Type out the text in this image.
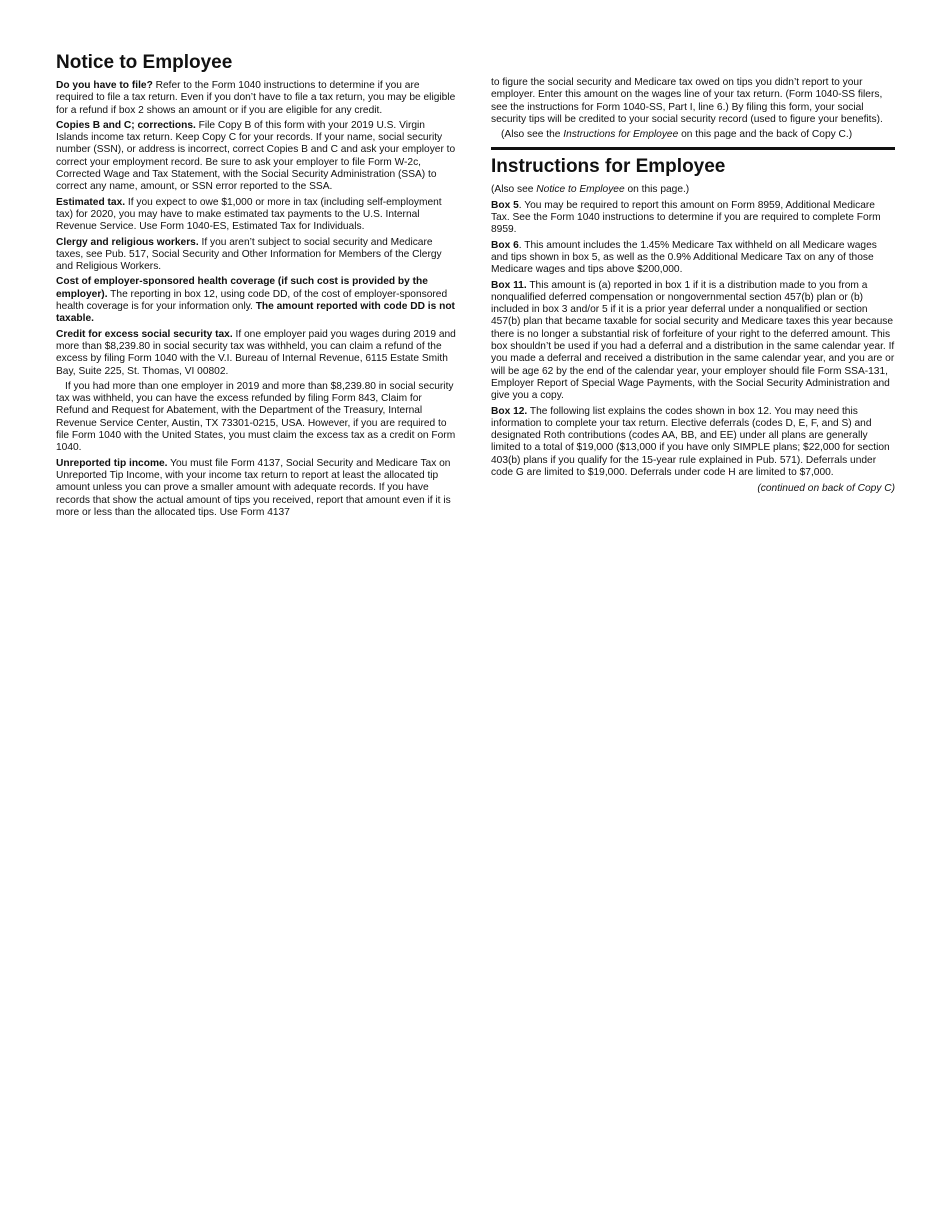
Notice to Employee

Do you have to file? Refer to the Form 1040 instructions to determine if you are required to file a tax return. Even if you don’t have to file a tax return, you may be eligible for a refund if box 2 shows an amount or if you are eligible for any credit.

Copies B and C; corrections. File Copy B of this form with your 2019 U.S. Virgin Islands income tax return. Keep Copy C for your records. If your name, social security number (SSN), or address is incorrect, correct Copies B and C and ask your employer to correct your employment record. Be sure to ask your employer to file Form W-2c, Corrected Wage and Tax Statement, with the Social Security Administration (SSA) to correct any name, amount, or SSN error reported to the SSA.

Estimated tax. If you expect to owe $1,000 or more in tax (including self-employment tax) for 2020, you may have to make estimated tax payments to the U.S. Internal Revenue Service. Use Form 1040-ES, Estimated Tax for Individuals.

Clergy and religious workers. If you aren’t subject to social security and Medicare taxes, see Pub. 517, Social Security and Other Information for Members of the Clergy and Religious Workers.

Cost of employer-sponsored health coverage (if such cost is provided by the employer). The reporting in box 12, using code DD, of the cost of employer-sponsored health coverage is for your information only. The amount reported with code DD is not taxable.

Credit for excess social security tax. If one employer paid you wages during 2019 and more than $8,239.80 in social security tax was withheld, you can claim a refund of the excess by filing Form 1040 with the V.I. Bureau of Internal Revenue, 6115 Estate Smith Bay, Suite 225, St. Thomas, VI 00802.

If you had more than one employer in 2019 and more than $8,239.80 in social security tax was withheld, you can have the excess refunded by filing Form 843, Claim for Refund and Request for Abatement, with the Department of the Treasury, Internal Revenue Service Center, Austin, TX 73301-0215, USA. However, if you are required to file Form 1040 with the United States, you must claim the excess tax as a credit on Form 1040.

Unreported tip income. You must file Form 4137, Social Security and Medicare Tax on Unreported Tip Income, with your income tax return to report at least the allocated tip amount unless you can prove a smaller amount with adequate records. If you have records that show the actual amount of tips you received, report that amount even if it is more or less than the allocated tips. Use Form 4137

to figure the social security and Medicare tax owed on tips you didn’t report to your employer. Enter this amount on the wages line of your tax return. (Form 1040-SS filers, see the instructions for Form 1040-SS, Part I, line 6.) By filing this form, your social security tips will be credited to your social security record (used to figure your benefits).

(Also see the Instructions for Employee on this page and the back of Copy C.)

Instructions for Employee

(Also see Notice to Employee on this page.)

Box 5. You may be required to report this amount on Form 8959, Additional Medicare Tax. See the Form 1040 instructions to determine if you are required to complete Form 8959.

Box 6. This amount includes the 1.45% Medicare Tax withheld on all Medicare wages and tips shown in box 5, as well as the 0.9% Additional Medicare Tax on any of those Medicare wages and tips above $200,000.

Box 11. This amount is (a) reported in box 1 if it is a distribution made to you from a nonqualified deferred compensation or nongovernmental section 457(b) plan or (b) included in box 3 and/or 5 if it is a prior year deferral under a nonqualified or section 457(b) plan that became taxable for social security and Medicare taxes this year because there is no longer a substantial risk of forfeiture of your right to the deferred amount. This box shouldn’t be used if you had a deferral and a distribution in the same calendar year. If you made a deferral and received a distribution in the same calendar year, and you are or will be age 62 by the end of the calendar year, your employer should file Form SSA-131, Employer Report of Special Wage Payments, with the Social Security Administration and give you a copy.

Box 12. The following list explains the codes shown in box 12. You may need this information to complete your tax return. Elective deferrals (codes D, E, F, and S) and designated Roth contributions (codes AA, BB, and EE) under all plans are generally limited to a total of $19,000 ($13,000 if you have only SIMPLE plans; $22,000 for section 403(b) plans if you qualify for the 15-year rule explained in Pub. 571). Deferrals under code G are limited to $19,000. Deferrals under code H are limited to $7,000.

(continued on back of Copy C)
